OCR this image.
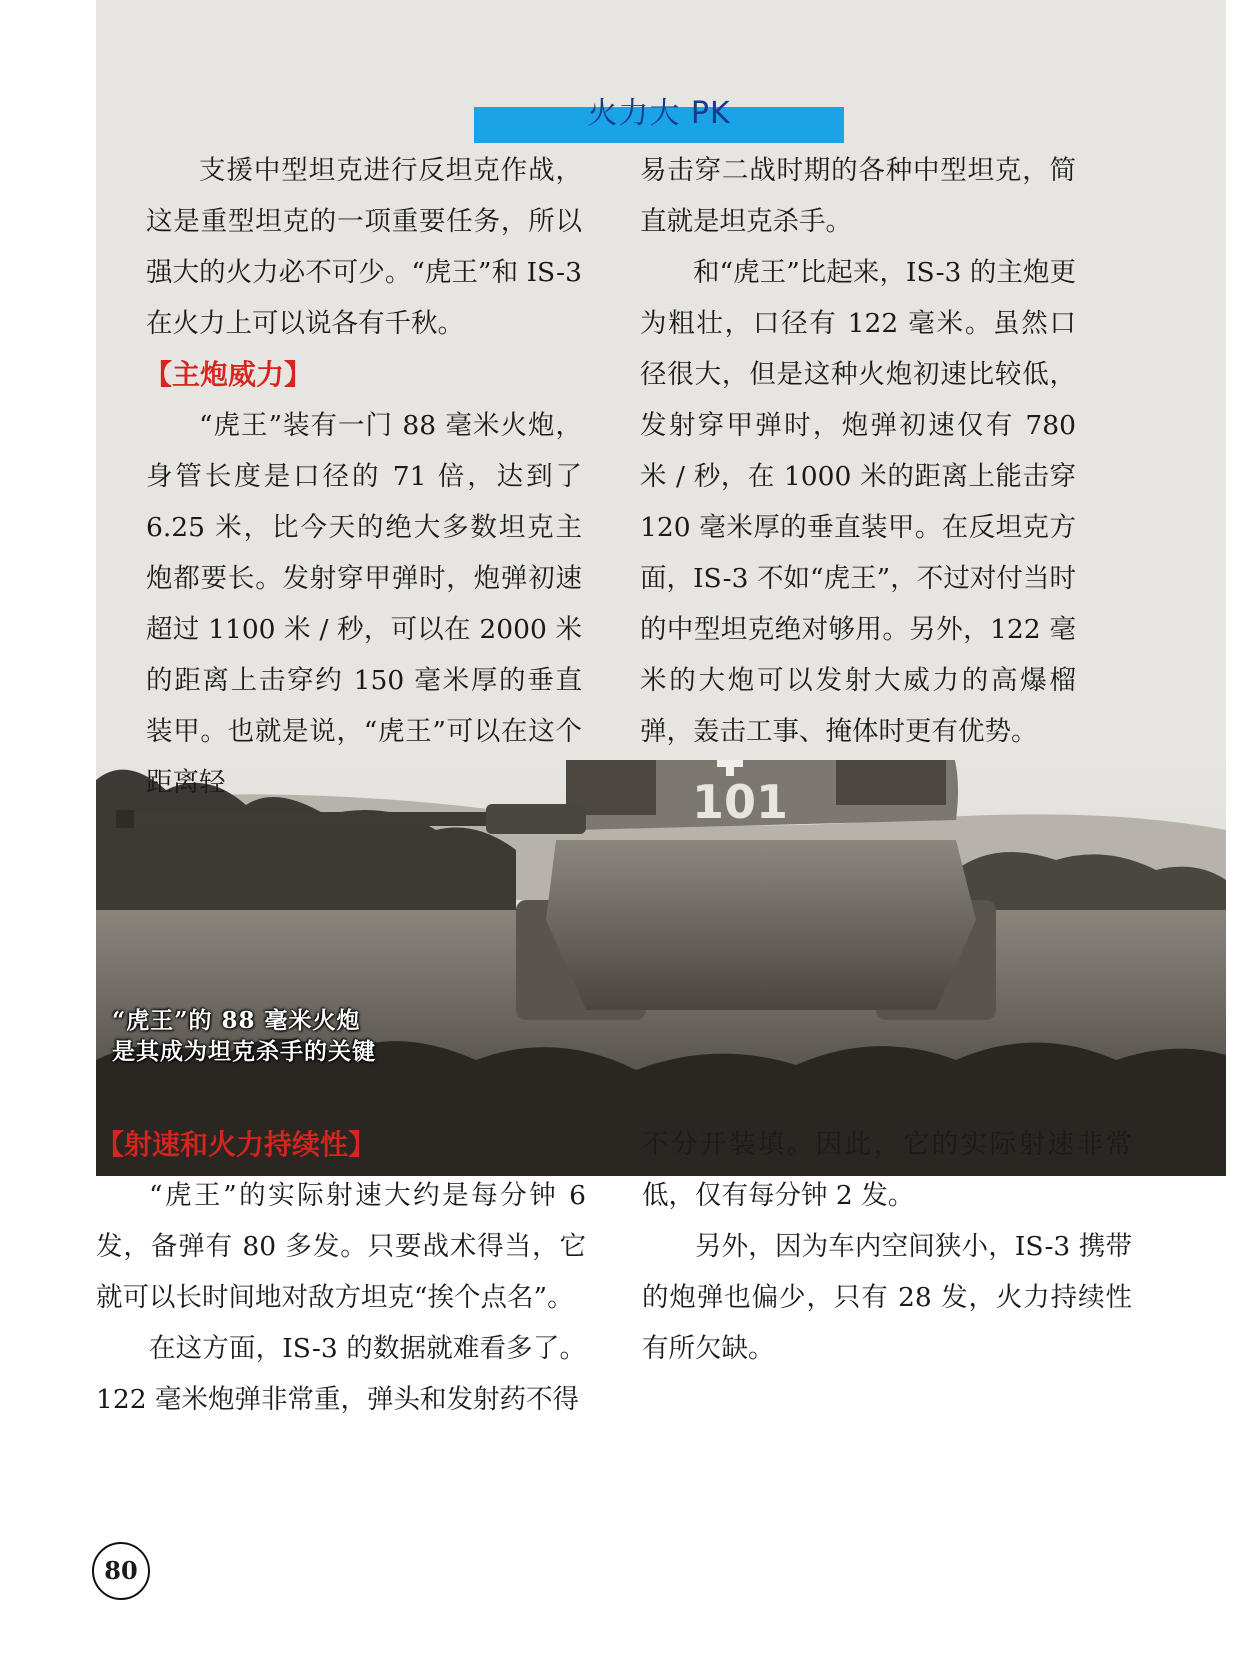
101
火力大 PK

支援中型坦克进行反坦克作战，这是重型坦克的一项重要任务，所以强大的火力必不可少。“虎王”和 IS-3 在火力上可以说各有千秋。

【主炮威力】

“虎王”装有一门 88 毫米火炮，身管长度是口径的 71 倍，达到了 6.25 米，比今天的绝大多数坦克主炮都要长。发射穿甲弹时，炮弹初速超过 1100 米 / 秒，可以在 2000 米的距离上击穿约 150 毫米厚的垂直装甲。也就是说，“虎王”可以在这个距离轻

易击穿二战时期的各种中型坦克，简直就是坦克杀手。

和“虎王”比起来，IS-3 的主炮更为粗壮，口径有 122 毫米。虽然口径很大，但是这种火炮初速比较低，发射穿甲弹时，炮弹初速仅有 780 米 / 秒，在 1000 米的距离上能击穿 120 毫米厚的垂直装甲。在反坦克方面，IS-3 不如“虎王”，不过对付当时的中型坦克绝对够用。另外，122 毫米的大炮可以发射大威力的高爆榴弹，轰击工事、掩体时更有优势。

“虎王”的 88 毫米火炮
是其成为坦克杀手的关键

【射速和火力持续性】

“虎王”的实际射速大约是每分钟 6 发，备弹有 80 多发。只要战术得当，它就可以长时间地对敌方坦克“挨个点名”。

在这方面，IS-3 的数据就难看多了。122 毫米炮弹非常重，弹头和发射药不得

不分开装填。因此，它的实际射速非常低，仅有每分钟 2 发。

另外，因为车内空间狭小，IS-3 携带的炮弹也偏少，只有 28 发，火力持续性有所欠缺。

80
